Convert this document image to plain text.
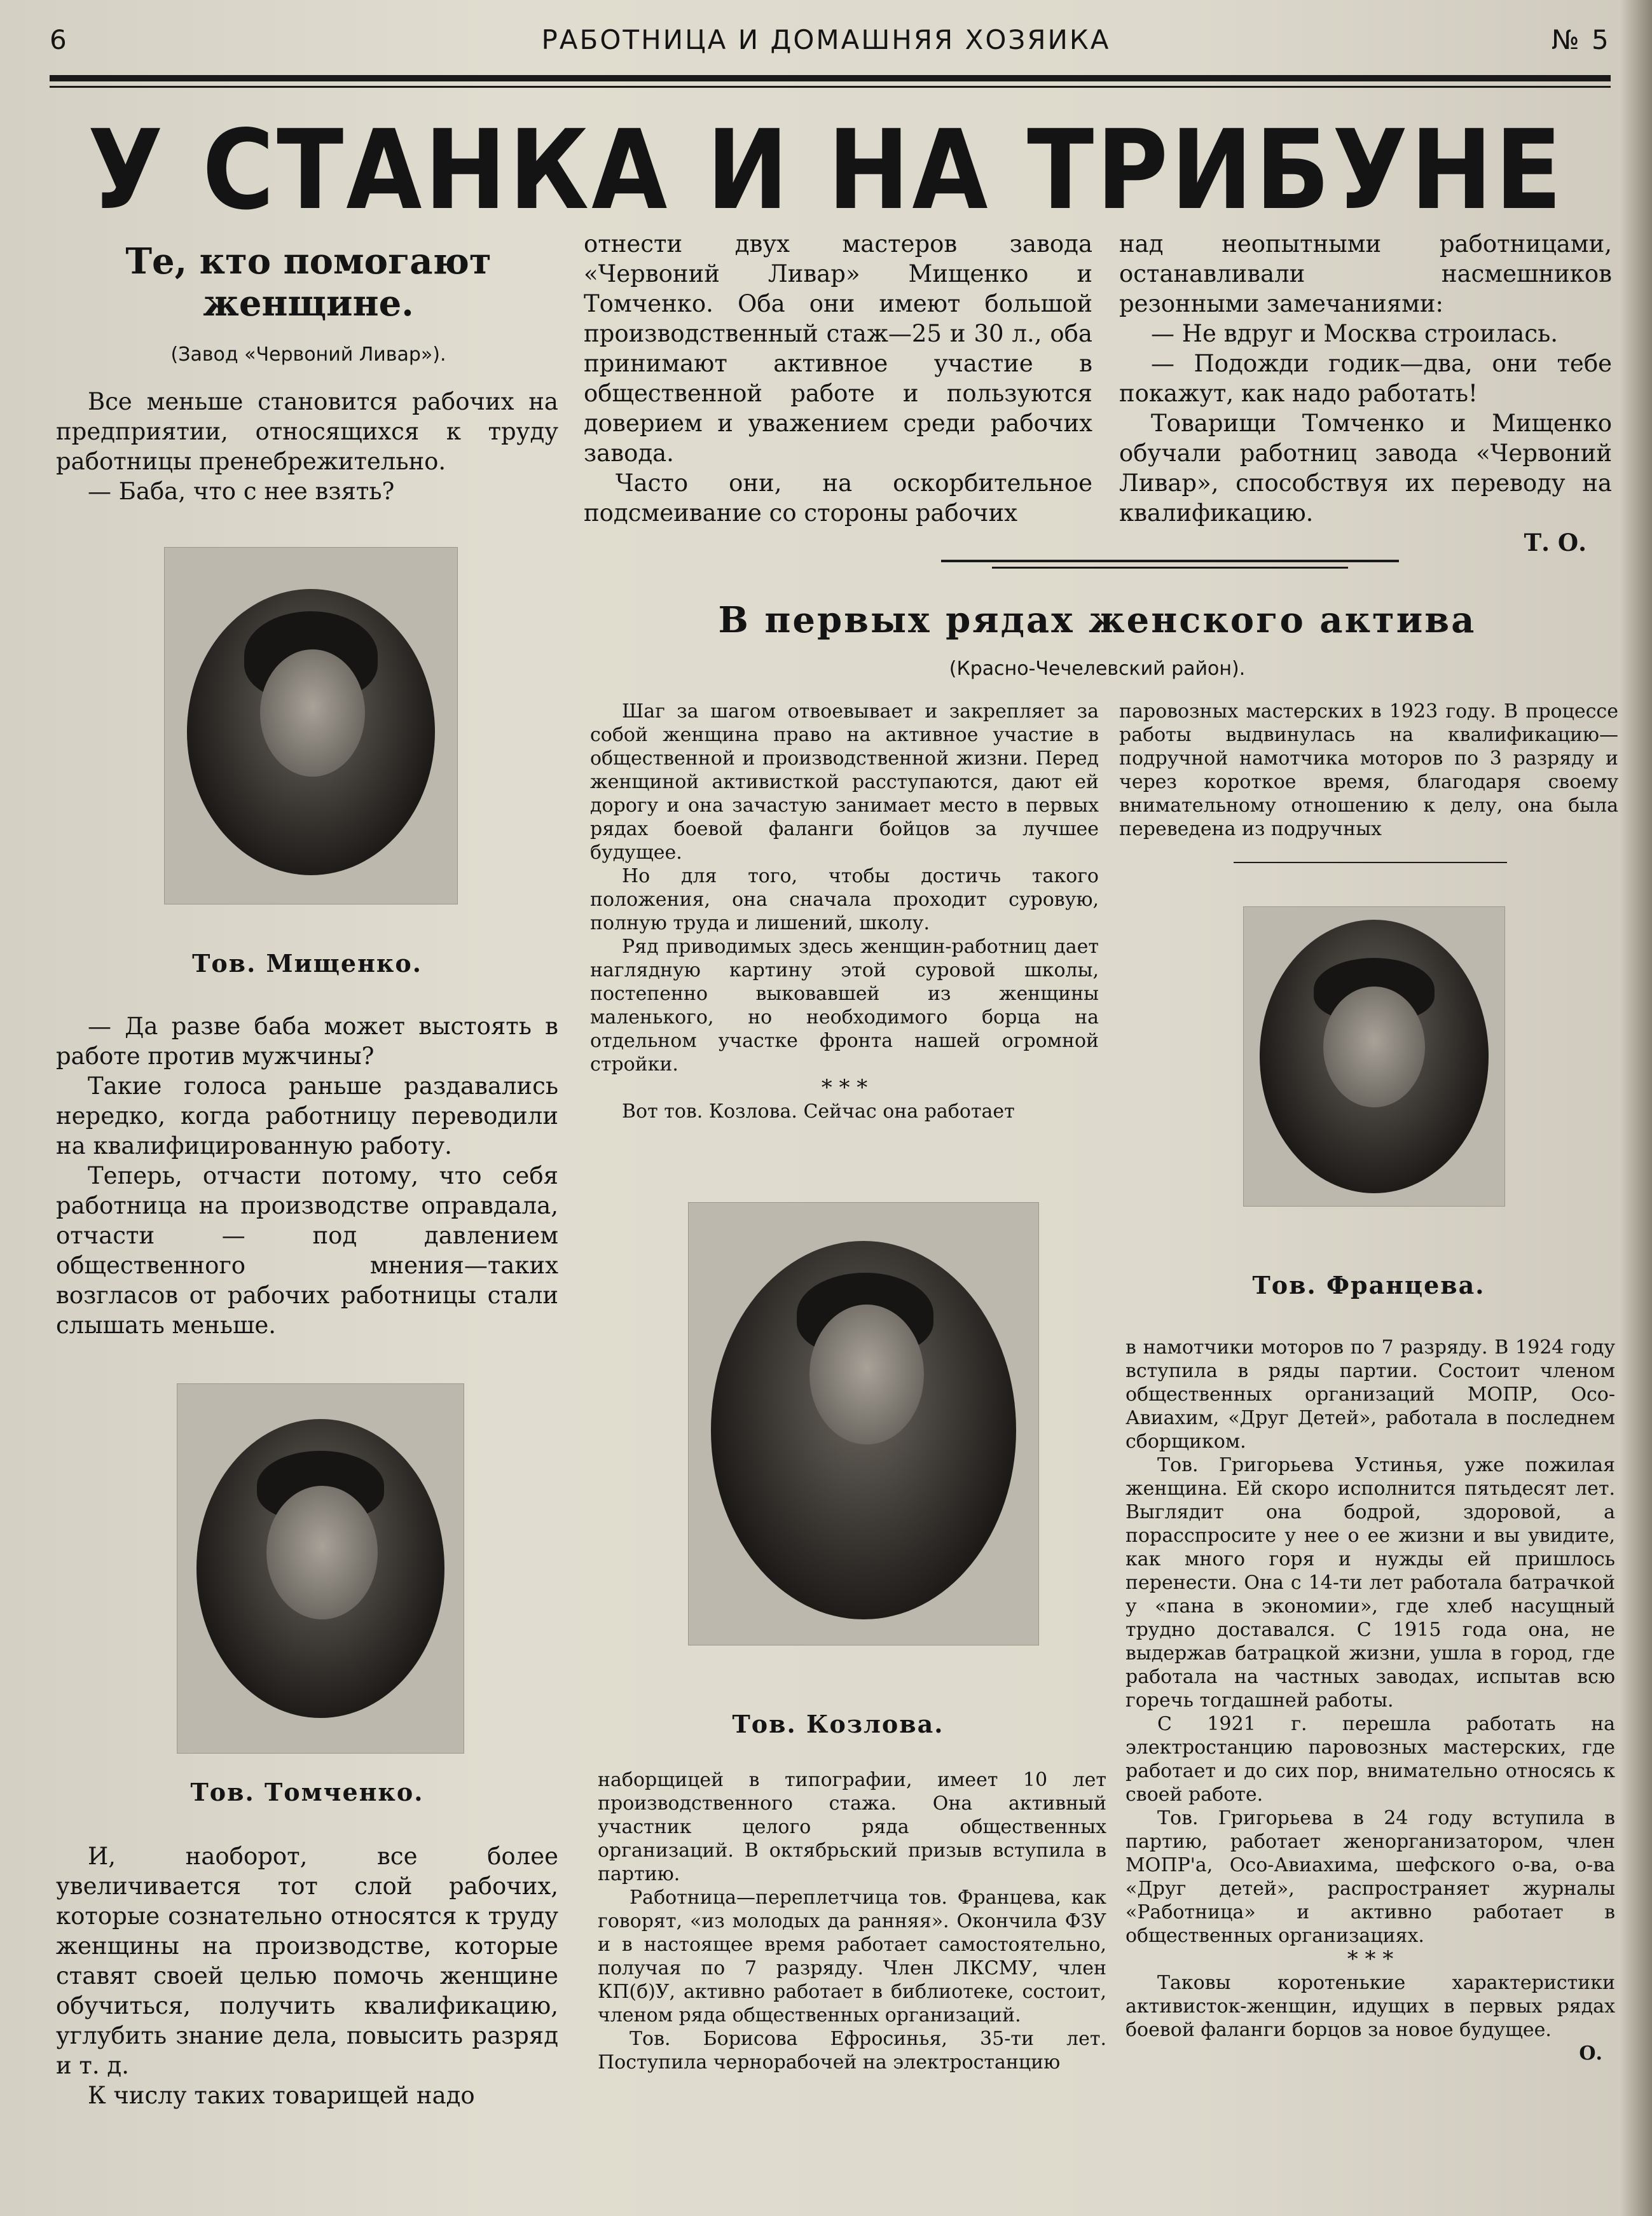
6	РАБОТНИЦА И ДОМАШНЯЯ ХОЗЯИКА	№ 5
У СТАНКА И НА ТРИБУНЕ
Те, кто помогают
женщине.
(Завод «Червоний Ливар»).

Все меньше становится рабочих на предприятии, относящихся к труду работницы пренебрежительно.

— Баба, что с нее взять?

Тов. Мищенко.

— Да разве баба может выстоять в работе против мужчины?

Такие голоса раньше раздавались нередко, когда работницу переводили на квалифицированную работу.

Теперь, отчасти потому, что себя работница на производстве оправдала, отчасти — под давлением общественного мнения—таких возгласов от рабочих работницы стали слышать меньше.

Тов. Томченко.

И, наоборот, все более увеличивается тот слой рабочих, которые сознательно относятся к труду женщины на производстве, которые ставят своей целью помочь женщине обучиться, получить квалификацию, углубить знание дела, повысить разряд и т. д.

К числу таких товарищей надо

отнести двух мастеров завода «Червоний Ливар» Мищенко и Томченко. Оба они имеют большой производственный стаж—25 и 30 л., оба принимают активное участие в общественной работе и пользуются доверием и уважением среди рабочих завода.

Часто они, на оскорбительное подсмеивание со стороны рабочих

над неопытными работницами, останавливали насмешников резонными замечаниями:

— Не вдруг и Москва строилась.

— Подожди годик—два, они тебе покажут, как надо работать!

Товарищи Томченко и Мищенко обучали работниц завода «Червоний Ливар», способствуя их переводу на квалификацию.

Т. О.
В первых рядах женского актива
(Красно-Чечелевский район).

Шаг за шагом отвоевывает и закрепляет за собой женщина право на активное участие в общественной и производственной жизни. Перед женщиной активисткой расступаются, дают ей дорогу и она зачастую занимает место в первых рядах боевой фаланги бойцов за лучшее будущее.

Но для того, чтобы достичь такого положения, она сначала проходит суровую, полную труда и лишений, школу.

Ряд приводимых здесь женщин-работниц дает наглядную картину этой суровой школы, постепенно выковавшей из женщины маленького, но необходимого борца на отдельном участке фронта нашей огромной стройки.

* * *

Вот тов. Козлова. Сейчас она работает

паровозных мастерских в 1923 году. В процессе работы выдвинулась на квалификацию—подручной намотчика моторов по 3 разряду и через короткое время, благодаря своему внимательному отношению к делу, она была переведена из подручных

Тов. Францева.
Тов. Козлова.

наборщицей в типографии, имеет 10 лет производственного стажа. Она активный участник целого ряда общественных организаций. В октябрьский призыв вступила в партию.

Работница—переплетчица тов. Францева, как говорят, «из молодых да ранняя». Окончила ФЗУ и в настоящее время работает самостоятельно, получая по 7 разряду. Член ЛКСМУ, член КП(б)У, активно работает в библиотеке, состоит, членом ряда общественных организаций.

Тов. Борисова Ефросинья, 35-ти лет. Поступила чернорабочей на электростанцию

в намотчики моторов по 7 разряду. В 1924 году вступила в ряды партии. Состоит членом общественных организаций МОПР, Осо-Авиахим, «Друг Детей», работала в последнем сборщиком.

Тов. Григорьева Устинья, уже пожилая женщина. Ей скоро исполнится пятьдесят лет. Выглядит она бодрой, здоровой, а порасспросите у нее о ее жизни и вы увидите, как много горя и нужды ей пришлось перенести. Она с 14-ти лет работала батрачкой у «пана в экономии», где хлеб насущный трудно доставался. С 1915 года она, не выдержав батрацкой жизни, ушла в город, где работала на частных заводах, испытав всю горечь тогдашней работы.

С 1921 г. перешла работать на электростанцию паровозных мастерских, где работает и до сих пор, внимательно относясь к своей работе.

Тов. Григорьева в 24 году вступила в партию, работает женорганизатором, член МОПР'а, Осо-Авиахима, шефского о-ва, о-ва «Друг детей», распространяет журналы «Работница» и активно работает в общественных организациях.

* * *

Таковы коротенькие характеристики активисток-женщин, идущих в первых рядах боевой фаланги борцов за новое будущее.

О.
